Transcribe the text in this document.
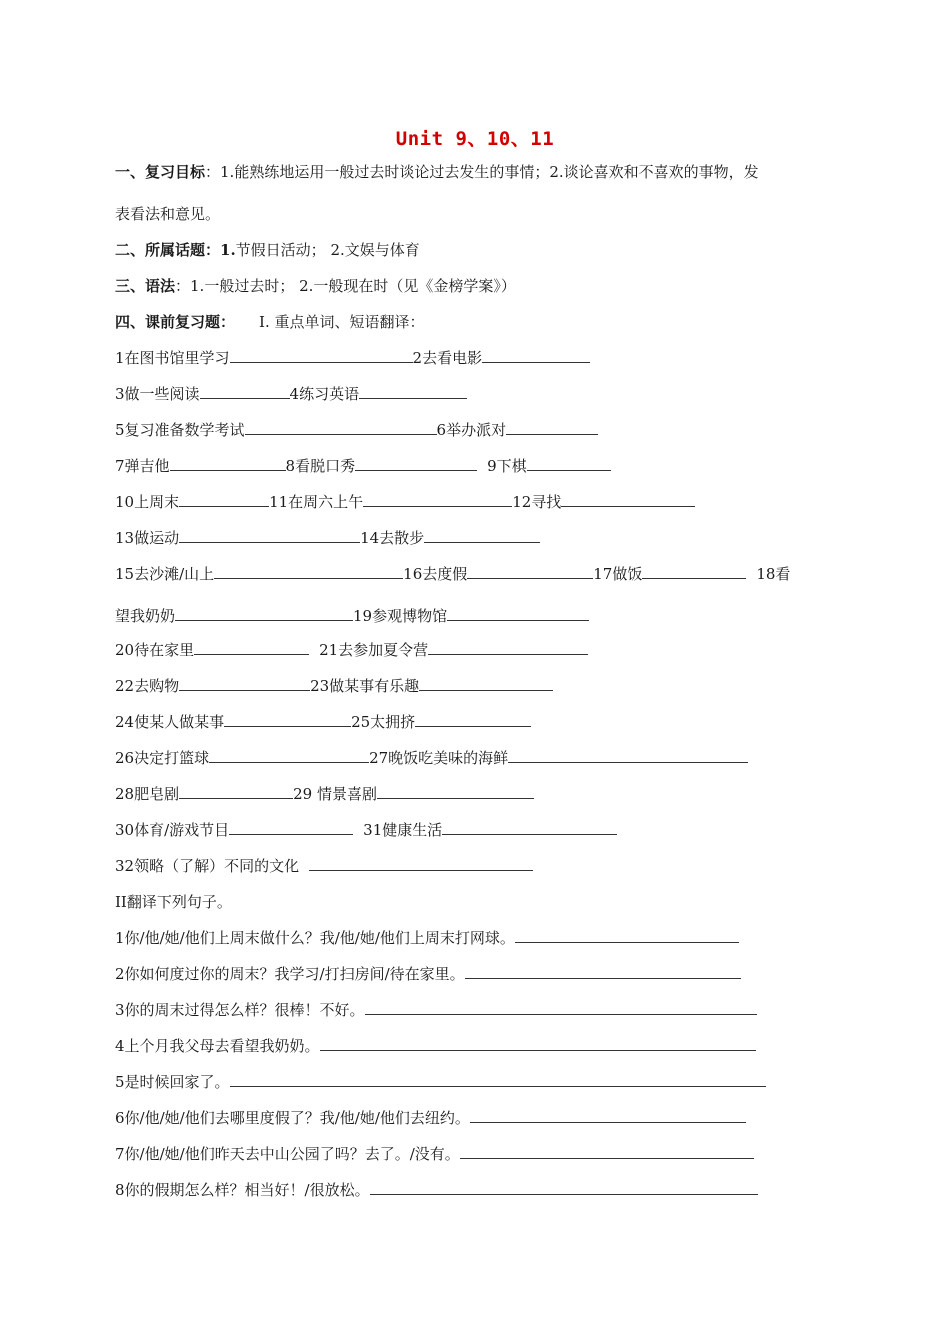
Unit 9、10、11
一、复习目标：1.能熟练地运用一般过去时谈论过去发生的事情；2.谈论喜欢和不喜欢的事物，发
表看法和意见。
二、所属话题：1.节假日活动； 2.文娱与体育
三、语法：1.一般过去时； 2.一般现在时（见《金榜学案》）
四、课前复习题： I. 重点单词、短语翻译：
1在图书馆里学习	2去看电影
3做一些阅读	4练习英语
5复习准备数学考试	6举办派对
7弹吉他	8看脱口秀	9下棋
10上周末	11在周六上午	12寻找
13做运动	14去散步
15去沙滩/山上	16去度假	17做饭	18看
望我奶奶	19参观博物馆
20待在家里	21去参加夏令营
22去购物	23做某事有乐趣
24使某人做某事	25太拥挤
26决定打篮球	27晚饭吃美味的海鲜
28肥皂剧	29 情景喜剧
30体育/游戏节目	31健康生活
32领略（了解）不同的文化
II翻译下列句子。
1你/他/她/他们上周末做什么？我/他/她/他们上周末打网球。
2你如何度过你的周末？我学习/打扫房间/待在家里。
3你的周末过得怎么样？很棒！不好。
4上个月我父母去看望我奶奶。
5是时候回家了。
6你/他/她/他们去哪里度假了？我/他/她/他们去纽约。
7你/他/她/他们昨天去中山公园了吗？去了。/没有。
8你的假期怎么样？相当好！/很放松。
